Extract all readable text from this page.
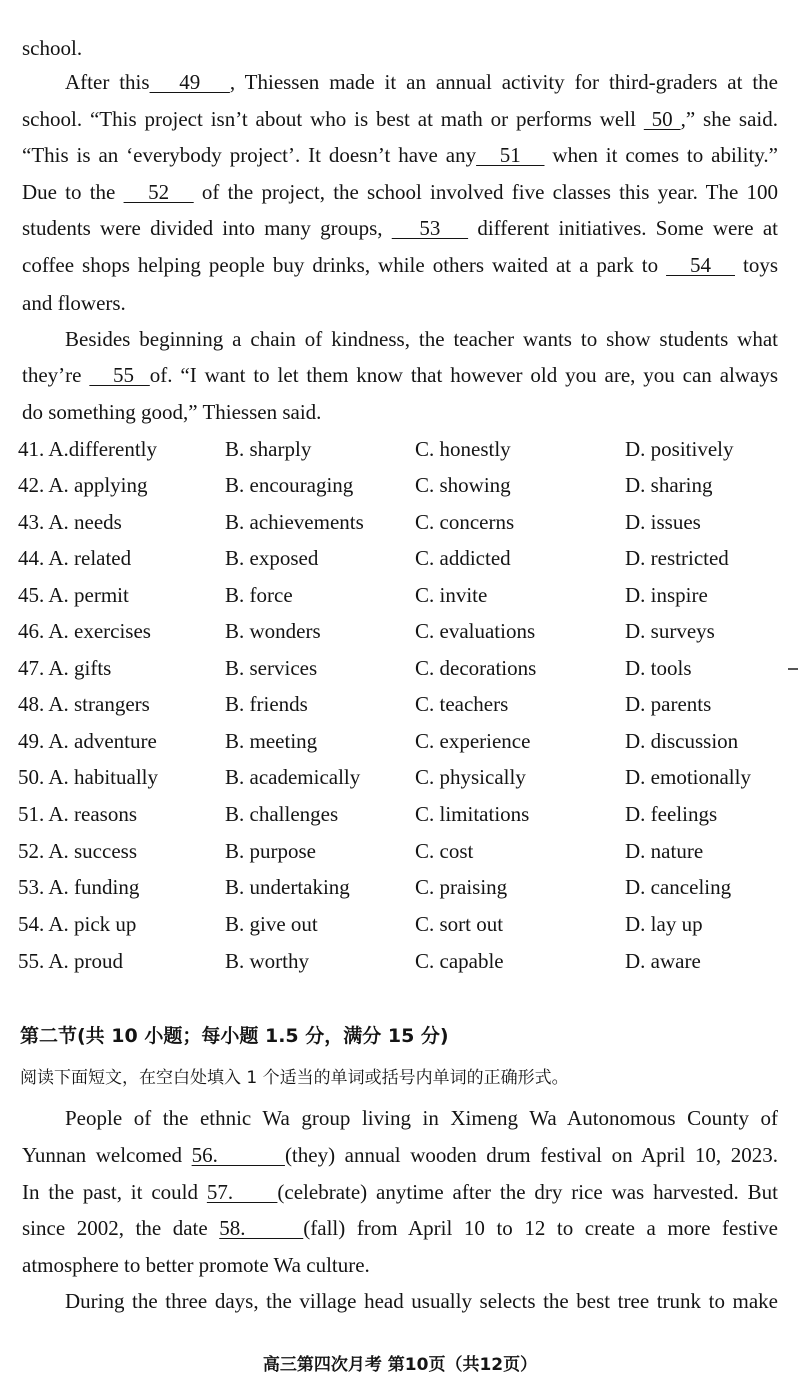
school.
After this   49   , Thiessen made it an annual activity for third-graders at the
school. “This project isn’t about who is best at math or performs well  50 ,” she said.
“This is an ‘everybody project’. It doesn’t have any   51    when it comes to ability.”
Due to the    52    of the project, the school involved five classes this year. The 100
students were divided into many groups,    53    different initiatives. Some were at
coffee shops helping people buy drinks, while others waited at a park to    54    toys
and flowers.
Besides beginning a chain of kindness, the teacher wants to show students what
they’re    55  of. “I want to let them know that however old you are, you can always
do something good,” Thiessen said.
41. A.differently	B. sharply	C. honestly	D. positively
42. A. applying	B. encouraging	C. showing	D. sharing
43. A. needs	B. achievements C. concerns	D. issues
44. A. related	B. exposed	C. addicted	D. restricted
45. A. permit	B. force	C. invite	D. inspire
46. A. exercises	B. wonders	C. evaluations	D. surveys
47. A. gifts	B. services	C. decorations	D. tools
48. A. strangers	B. friends	C. teachers	D. parents
49. A. adventure	B. meeting	C. experience	D. discussion
50. A. habitually	B. academically	C. physically	D. emotionally
51. A. reasons	B. challenges	C. limitations	D. feelings
52. A. success	B. purpose	C. cost	D. nature
53. A. funding	B. undertaking	C. praising	D. canceling
54. A. pick up	B. give out	C. sort out	D. lay up
55. A. proud	B. worthy	C. capable	D. aware
第二节(共 10 小题；每小题 1.5 分，满分 15 分)
阅读下面短文，在空白处填入 1 个适当的单词或括号内单词的正确形式。
People of the ethnic Wa group living in Ximeng Wa Autonomous County of
Yunnan welcomed 56.       (they) annual wooden drum festival on April 10, 2023.
In the past, it could 57.     (celebrate) anytime after the dry rice was harvested. But
since 2002, the date 58.     (fall) from April 10 to 12 to create a more festive
atmosphere to better promote Wa culture.
During the three days, the village head usually selects the best tree trunk to make
高三第四次月考 第10页（共12页）
